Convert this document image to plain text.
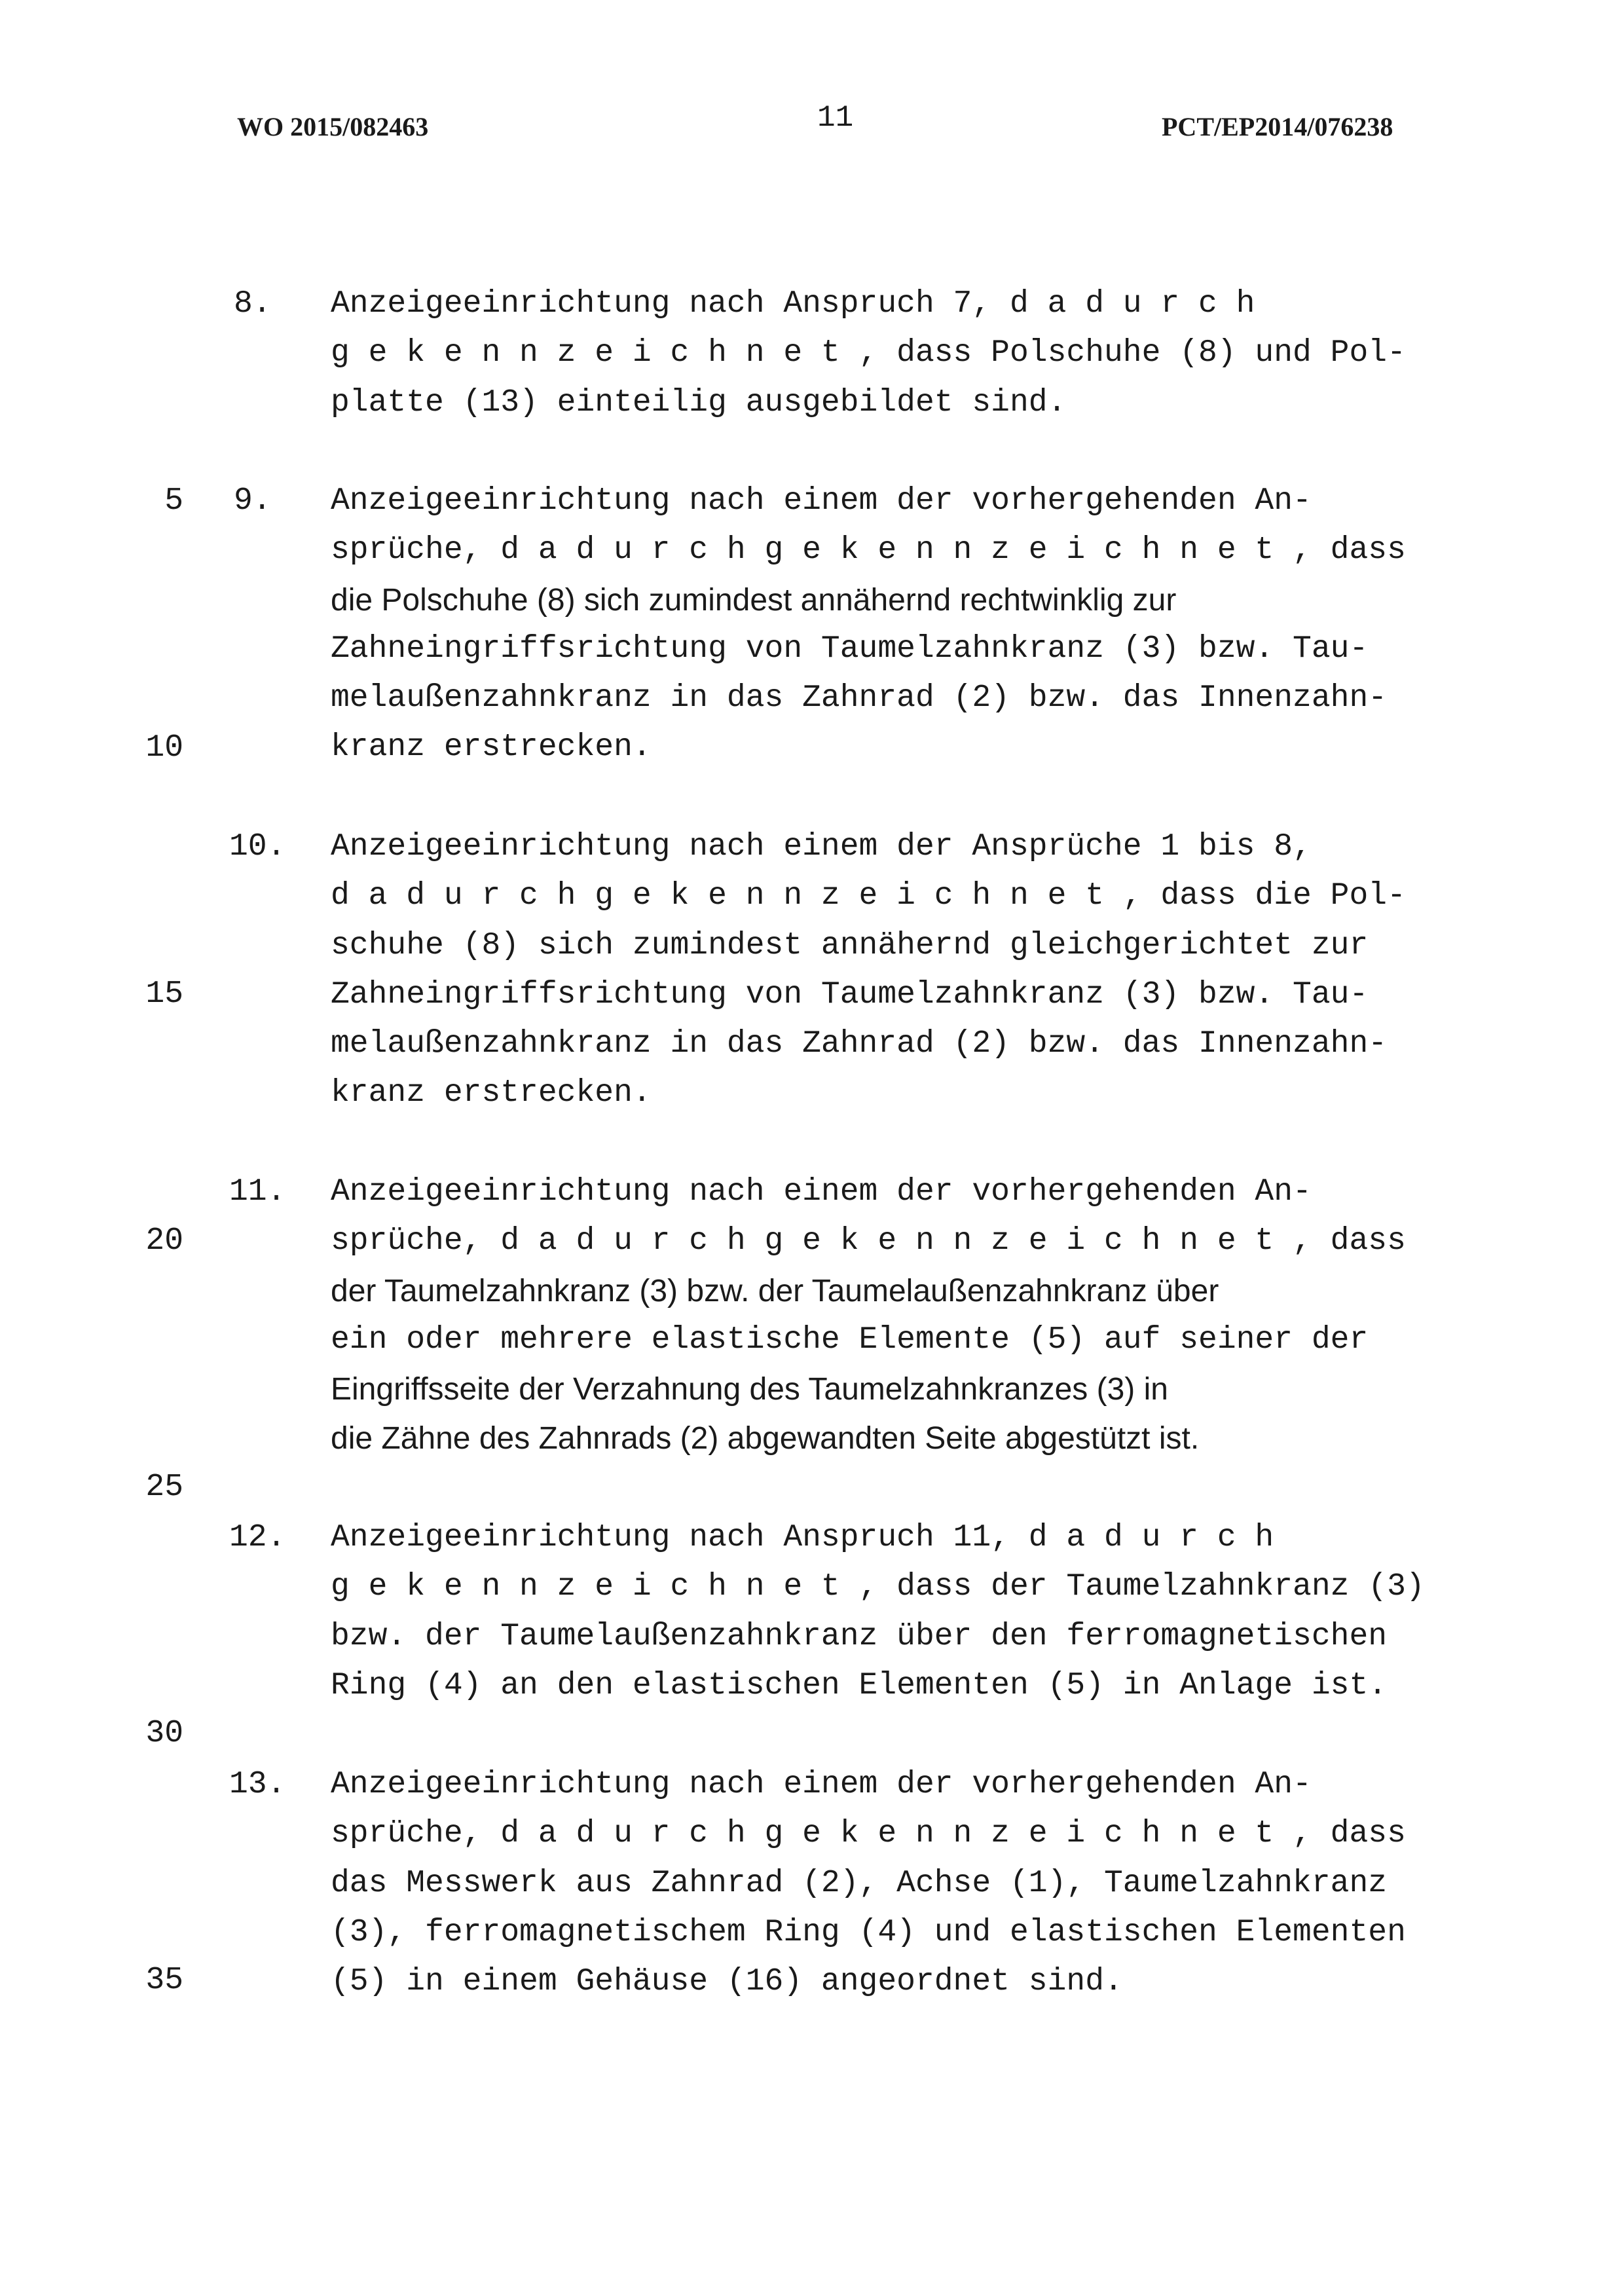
WO 2015/082463	11	PCT/EP2014/076238
5
10
15
20
25
30
35
8. Anzeigeeinrichtung nach Anspruch 7, d a d u r c h
g e k e n n z e i c h n e t , dass Polschuhe (8) und Pol-
platte (13) einteilig ausgebildet sind.
9. Anzeigeeinrichtung nach einem der vorhergehenden An-
sprüche, d a d u r c h g e k e n n z e i c h n e t , dass
die Polschuhe (8) sich zumindest annähernd rechtwinklig zur
Zahneingriffsrichtung von Taumelzahnkranz (3) bzw. Tau-
melaußenzahnkranz in das Zahnrad (2) bzw. das Innenzahn-
kranz erstrecken.
10. Anzeigeeinrichtung nach einem der Ansprüche 1 bis 8,
d a d u r c h g e k e n n z e i c h n e t , dass die Pol-
schuhe (8) sich zumindest annähernd gleichgerichtet zur
Zahneingriffsrichtung von Taumelzahnkranz (3) bzw. Tau-
melaußenzahnkranz in das Zahnrad (2) bzw. das Innenzahn-
kranz erstrecken.
11. Anzeigeeinrichtung nach einem der vorhergehenden An-
sprüche, d a d u r c h g e k e n n z e i c h n e t , dass
der Taumelzahnkranz (3) bzw. der Taumelaußenzahnkranz über
ein oder mehrere elastische Elemente (5) auf seiner der
Eingriffsseite der Verzahnung des Taumelzahnkranzes (3) in
die Zähne des Zahnrads (2) abgewandten Seite abgestützt ist.
12. Anzeigeeinrichtung nach Anspruch 11, d a d u r c h
g e k e n n z e i c h n e t , dass der Taumelzahnkranz (3)
bzw. der Taumelaußenzahnkranz über den ferromagnetischen
Ring (4) an den elastischen Elementen (5) in Anlage ist.
13. Anzeigeeinrichtung nach einem der vorhergehenden An-
sprüche, d a d u r c h g e k e n n z e i c h n e t , dass
das Messwerk aus Zahnrad (2), Achse (1), Taumelzahnkranz
(3), ferromagnetischem Ring (4) und elastischen Elementen
(5) in einem Gehäuse (16) angeordnet sind.
